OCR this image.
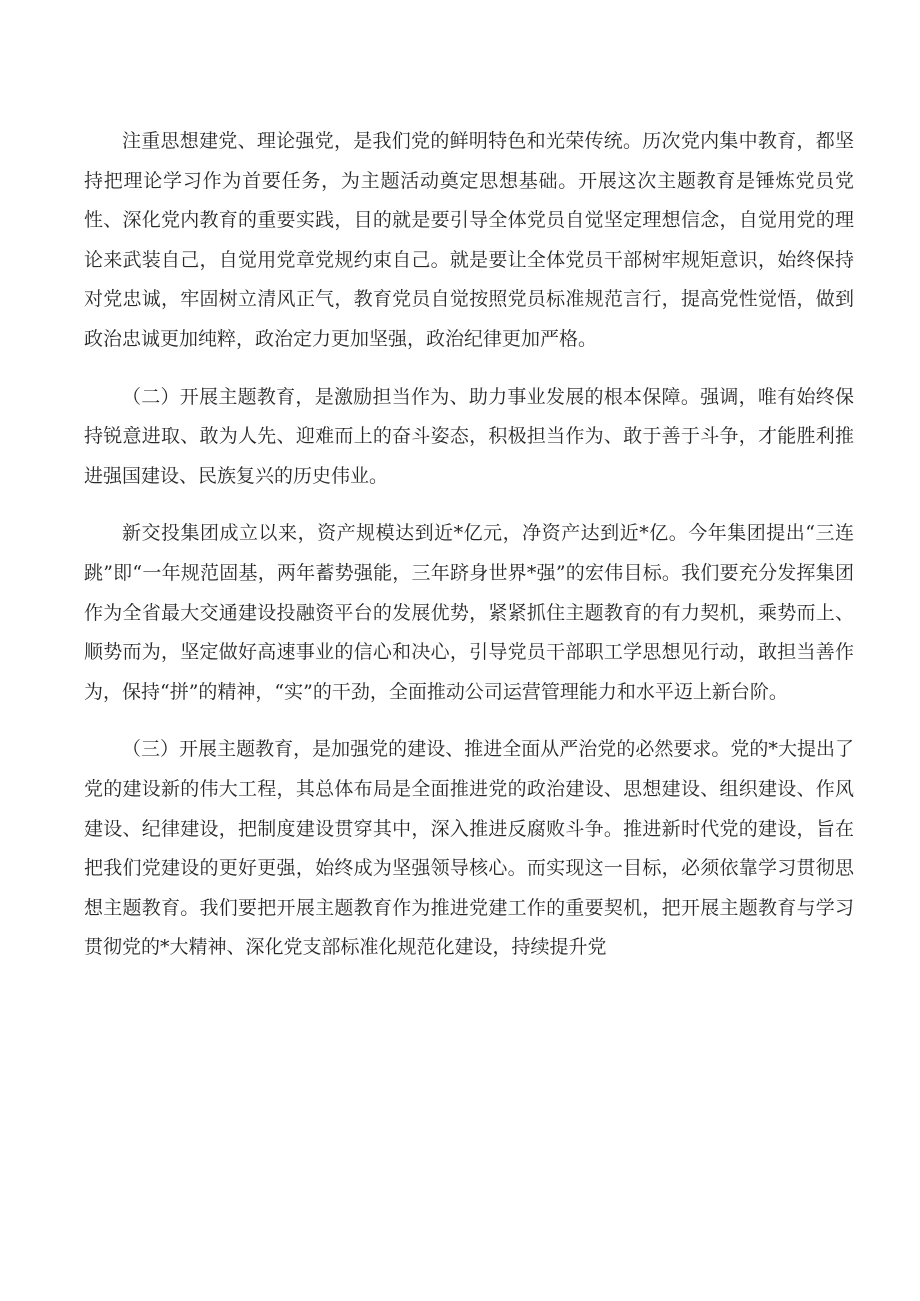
注重思想建党、理论强党，是我们党的鲜明特色和光荣传统。历次党内集中教育，都坚持把理论学习作为首要任务，为主题活动奠定思想基础。开展这次主题教育是锤炼党员党性、深化党内教育的重要实践，目的就是要引导全体党员自觉坚定理想信念，自觉用党的理论来武装自己，自觉用党章党规约束自己。就是要让全体党员干部树牢规矩意识，始终保持对党忠诚，牢固树立清风正气，教育党员自觉按照党员标准规范言行，提高党性觉悟，做到政治忠诚更加纯粹，政治定力更加坚强，政治纪律更加严格。

（二）开展主题教育，是激励担当作为、助力事业发展的根本保障。强调，唯有始终保持锐意进取、敢为人先、迎难而上的奋斗姿态，积极担当作为、敢于善于斗争，才能胜利推进强国建设、民族复兴的历史伟业。

新交投集团成立以来，资产规模达到近*亿元，净资产达到近*亿。今年集团提出“三连跳”即“一年规范固基，两年蓄势强能，三年跻身世界*强”的宏伟目标。我们要充分发挥集团作为全省最大交通建设投融资平台的发展优势，紧紧抓住主题教育的有力契机，乘势而上、顺势而为，坚定做好高速事业的信心和决心，引导党员干部职工学思想见行动，敢担当善作为，保持“拼”的精神，“实”的干劲，全面推动公司运营管理能力和水平迈上新台阶。

（三）开展主题教育，是加强党的建设、推进全面从严治党的必然要求。党的*大提出了党的建设新的伟大工程，其总体布局是全面推进党的政治建设、思想建设、组织建设、作风建设、纪律建设，把制度建设贯穿其中，深入推进反腐败斗争。推进新时代党的建设，旨在把我们党建设的更好更强，始终成为坚强领导核心。而实现这一目标，必须依靠学习贯彻思想主题教育。我们要把开展主题教育作为推进党建工作的重要契机，把开展主题教育与学习贯彻党的*大精神、深化党支部标准化规范化建设，持续提升党
